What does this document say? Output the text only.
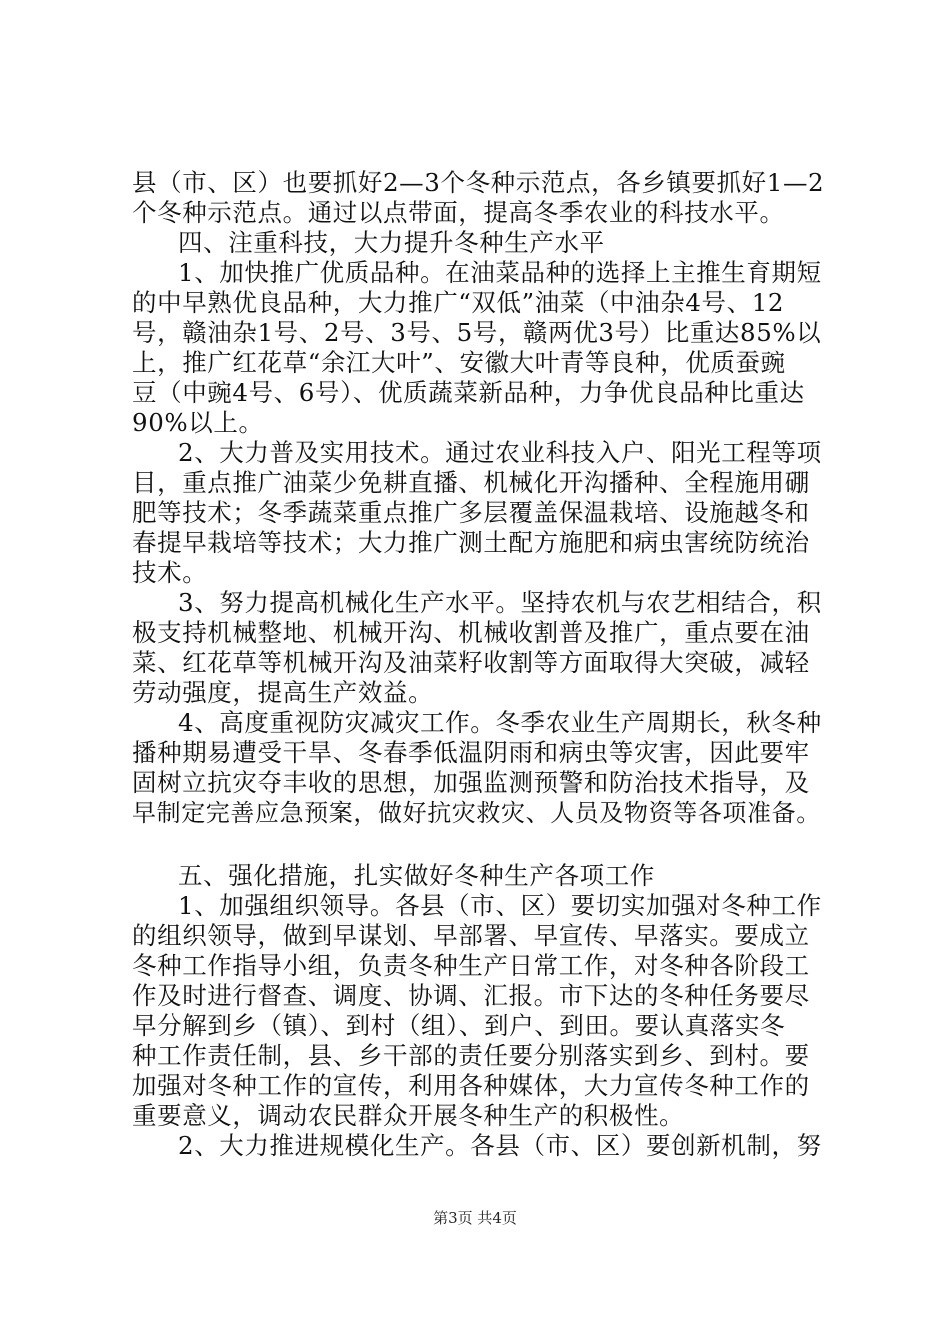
县（市、区）也要抓好2—3个冬种示范点，各乡镇要抓好1—2
个冬种示范点。通过以点带面，提高冬季农业的科技水平。
四、注重科技，大力提升冬种生产水平
1、加快推广优质品种。在油菜品种的选择上主推生育期短
的中早熟优良品种，大力推广“双低”油菜（中油杂4号、12
号，赣油杂1号、2号、3号、5号，赣两优3号）比重达85%以
上，推广红花草“余江大叶”、安徽大叶青等良种，优质蚕豌
豆（中豌4号、6号）、优质蔬菜新品种，力争优良品种比重达
90%以上。
2、大力普及实用技术。通过农业科技入户、阳光工程等项
目，重点推广油菜少免耕直播、机械化开沟播种、全程施用硼
肥等技术；冬季蔬菜重点推广多层覆盖保温栽培、设施越冬和
春提早栽培等技术；大力推广测土配方施肥和病虫害统防统治
技术。
3、努力提高机械化生产水平。坚持农机与农艺相结合，积
极支持机械整地、机械开沟、机械收割普及推广，重点要在油
菜、红花草等机械开沟及油菜籽收割等方面取得大突破，减轻
劳动强度，提高生产效益。
4、高度重视防灾减灾工作。冬季农业生产周期长，秋冬种
播种期易遭受干旱、冬春季低温阴雨和病虫等灾害，因此要牢
固树立抗灾夺丰收的思想，加强监测预警和防治技术指导，及
早制定完善应急预案，做好抗灾救灾、人员及物资等各项准备。
五、强化措施，扎实做好冬种生产各项工作
1、加强组织领导。各县（市、区）要切实加强对冬种工作
的组织领导，做到早谋划、早部署、早宣传、早落实。要成立
冬种工作指导小组，负责冬种生产日常工作，对冬种各阶段工
作及时进行督查、调度、协调、汇报。市下达的冬种任务要尽
早分解到乡（镇）、到村（组）、到户、到田。要认真落实冬
种工作责任制，县、乡干部的责任要分别落实到乡、到村。要
加强对冬种工作的宣传，利用各种媒体，大力宣传冬种工作的
重要意义，调动农民群众开展冬种生产的积极性。
2、大力推进规模化生产。各县（市、区）要创新机制，努
第3页 共4页
